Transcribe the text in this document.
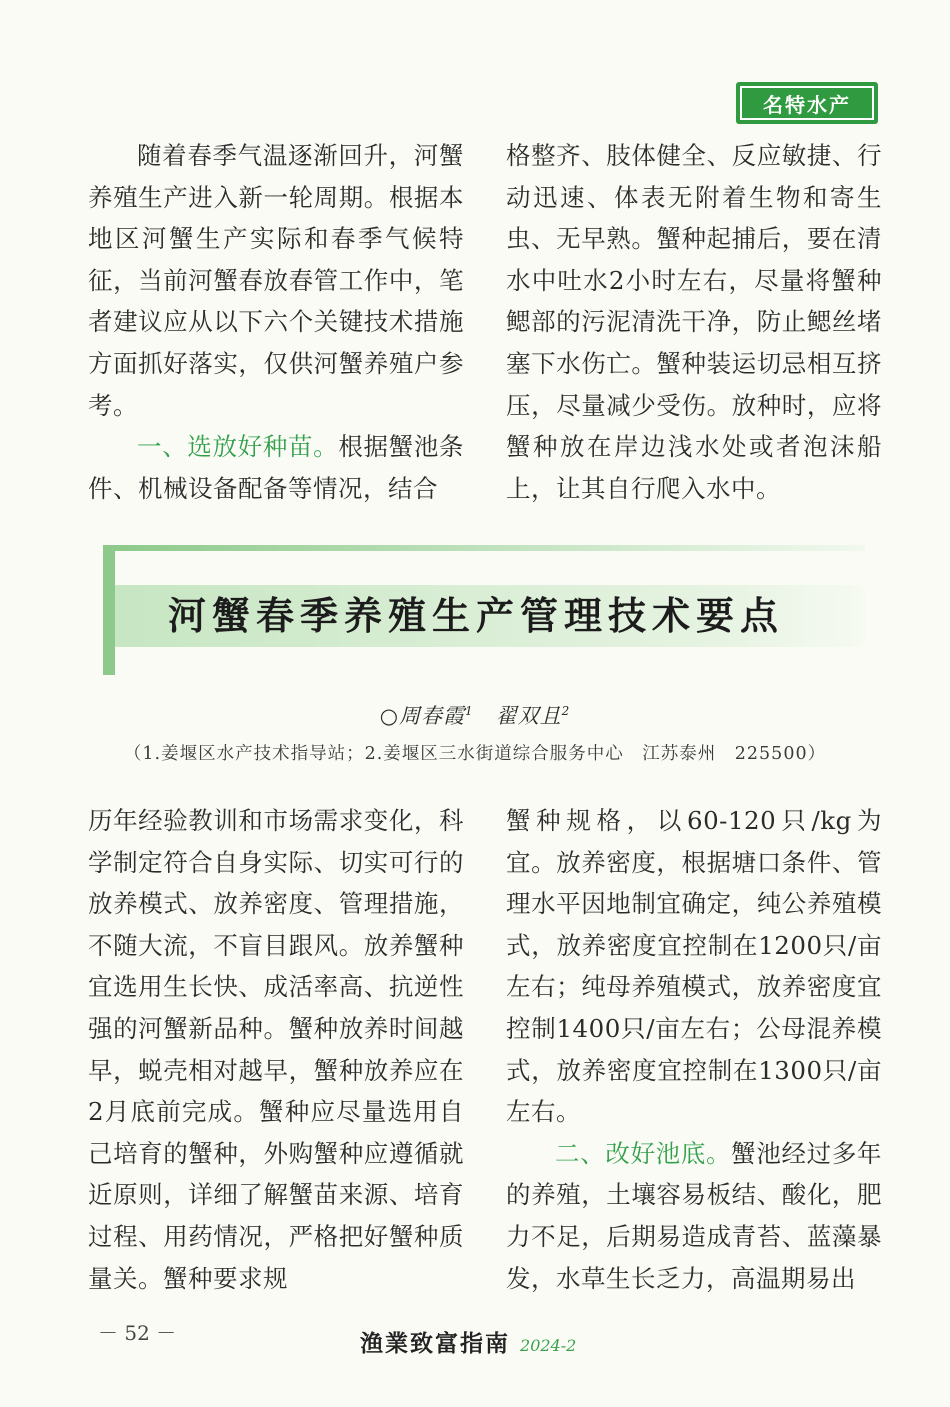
名特水产

随着春季气温逐渐回升，河蟹养殖生产进入新一轮周期。根据本地区河蟹生产实际和春季气候特征，当前河蟹春放春管工作中，笔者建议应从以下六个关键技术措施方面抓好落实，仅供河蟹养殖户参考。

一、选放好种苗。根据蟹池条件、机械设备配备等情况，结合

格整齐、肢体健全、反应敏捷、行动迅速、体表无附着生物和寄生虫、无早熟。蟹种起捕后，要在清水中吐水2小时左右，尽量将蟹种鳃部的污泥清洗干净，防止鳃丝堵塞下水伤亡。蟹种装运切忌相互挤压，尽量减少受伤。放种时，应将蟹种放在岸边浅水处或者泡沫船上，让其自行爬入水中。

河蟹春季养殖生产管理技术要点
○周春霞$^1$　 翟双且$^2$
（1.姜堰区水产技术指导站；2.姜堰区三水街道综合服务中心　江苏泰州　225500）

历年经验教训和市场需求变化，科学制定符合自身实际、切实可行的放养模式、放养密度、管理措施，不随大流，不盲目跟风。放养蟹种宜选用生长快、成活率高、抗逆性强的河蟹新品种。蟹种放养时间越早，蜕壳相对越早，蟹种放养应在2月底前完成。蟹种应尽量选用自己培育的蟹种，外购蟹种应遵循就近原则，详细了解蟹苗来源、培育过程、用药情况，严格把好蟹种质量关。蟹种要求规

蟹种规格，以60-120只/kg为宜。放养密度，根据塘口条件、管理水平因地制宜确定，纯公养殖模式，放养密度宜控制在1200只/亩左右；纯母养殖模式，放养密度宜控制1400只/亩左右；公母混养模式，放养密度宜控制在1300只/亩左右。

二、改好池底。蟹池经过多年的养殖，土壤容易板结、酸化，肥力不足，后期易造成青苔、蓝藻暴发，水草生长乏力，高温期易出

－ 52 －	渔業致富指南 2024-2
